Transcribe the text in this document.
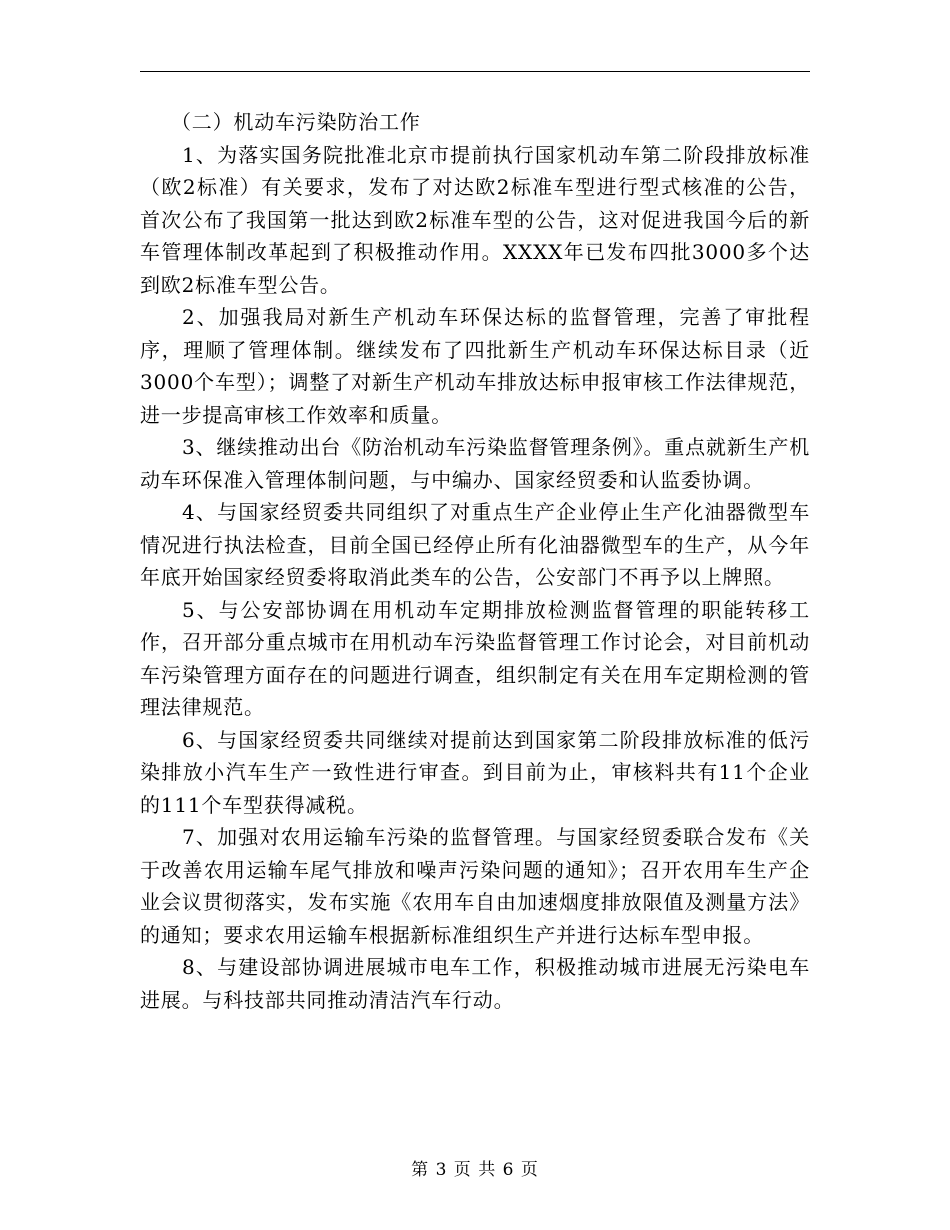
（二）机动车污染防治工作

1、为落实国务院批准北京市提前执行国家机动车第二阶段排放标准（欧2标准）有关要求，发布了对达欧2标准车型进行型式核准的公告，首次公布了我国第一批达到欧2标准车型的公告，这对促进我国今后的新车管理体制改革起到了积极推动作用。XXXX年已发布四批3000多个达到欧2标准车型公告。

2、加强我局对新生产机动车环保达标的监督管理，完善了审批程序，理顺了管理体制。继续发布了四批新生产机动车环保达标目录（近3000个车型）；调整了对新生产机动车排放达标申报审核工作法律规范，进一步提高审核工作效率和质量。

3、继续推动出台《防治机动车污染监督管理条例》。重点就新生产机动车环保准入管理体制问题，与中编办、国家经贸委和认监委协调。

4、与国家经贸委共同组织了对重点生产企业停止生产化油器微型车情况进行执法检查，目前全国已经停止所有化油器微型车的生产，从今年年底开始国家经贸委将取消此类车的公告，公安部门不再予以上牌照。

5、与公安部协调在用机动车定期排放检测监督管理的职能转移工作，召开部分重点城市在用机动车污染监督管理工作讨论会，对目前机动车污染管理方面存在的问题进行调查，组织制定有关在用车定期检测的管理法律规范。

6、与国家经贸委共同继续对提前达到国家第二阶段排放标准的低污染排放小汽车生产一致性进行审查。到目前为止，审核料共有11个企业的111个车型获得减税。

7、加强对农用运输车污染的监督管理。与国家经贸委联合发布《关于改善农用运输车尾气排放和噪声污染问题的通知》；召开农用车生产企业会议贯彻落实，发布实施《农用车自由加速烟度排放限值及测量方法》的通知；要求农用运输车根据新标准组织生产并进行达标车型申报。

8、与建设部协调进展城市电车工作，积极推动城市进展无污染电车进展。与科技部共同推动清洁汽车行动。

第 3 页 共 6 页
